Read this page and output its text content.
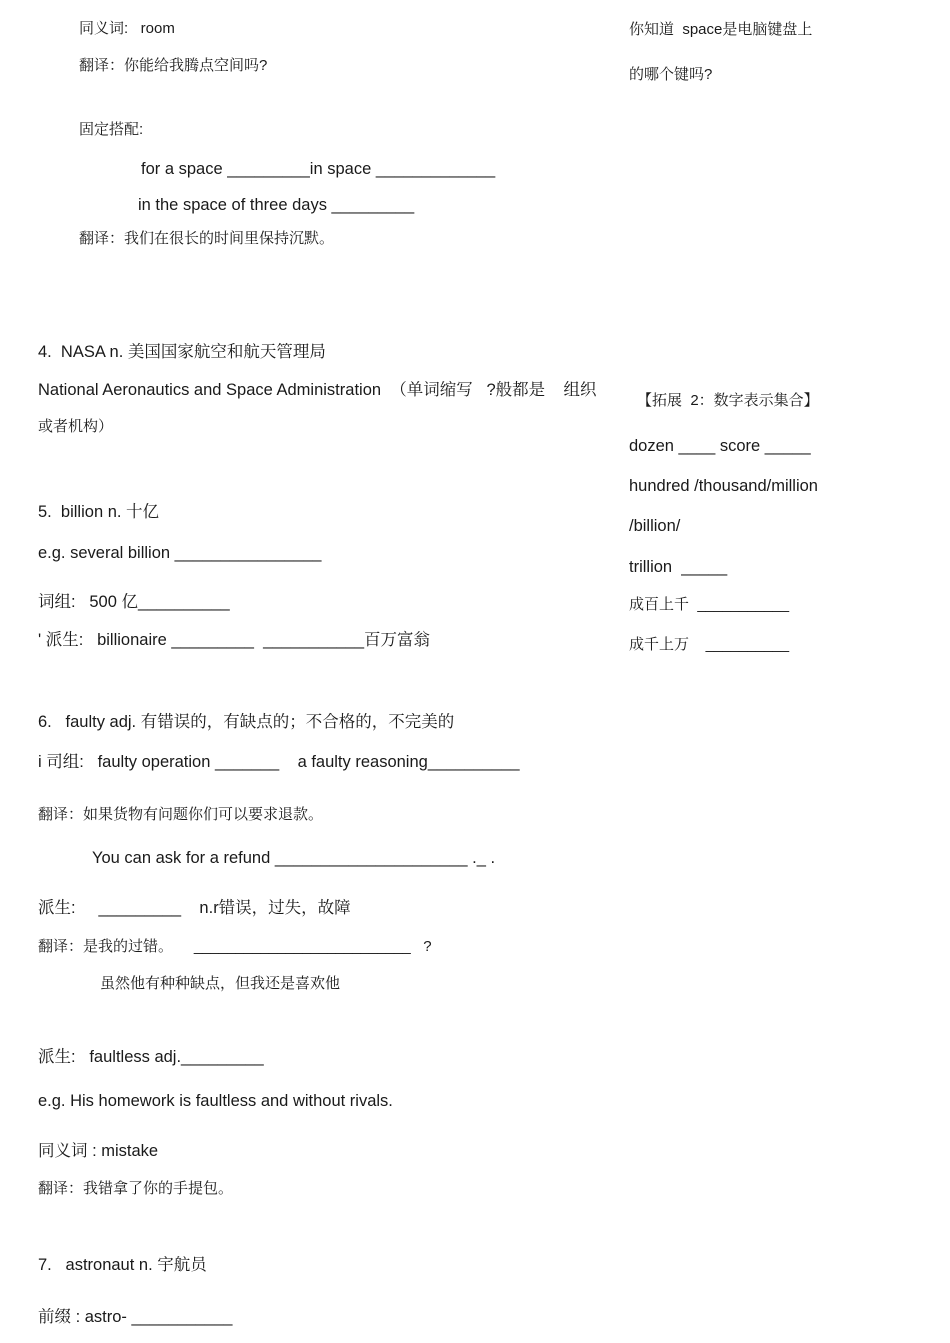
同义词:   room
翻译：你能给我腾点空间吗?
固定搭配:
for a space _________in space _____________
in the space of three days _________
翻译：我们在很长的时间里保持沉默。
你知道  space是电脑键盘上
的哪个键吗?
4.  NASA n. 美国国家航空和航天管理局
National Aeronautics and Space Administration  （单词缩写   ?般都是    组织
或者机构）
【拓展  2：数字表示集合】
dozen ____ score _____
hundred /thousand/million
/billion/
trillion  _____
成百上千  ___________
成千上万    __________
5.  billion n. 十亿
e.g. several billion ________________
词组:   500 亿__________
' 派生:   billionaire _________  ___________百万富翁
6.   faulty adj. 有错误的，有缺点的；不合格的，不完美的
i 司组:   faulty operation _______    a faulty reasoning__________
翻译：如果货物有问题你们可以要求退款。
You can ask for a refund _____________________ ._ .
派生:     _________    n.r错误，过失，故障
翻译：是我的过错。     __________________________   ?
虽然他有种种缺点，但我还是喜欢他
派生:   faultless adj._________
e.g. His homework is faultless and without rivals.
同义词 : mistake
翻译：我错拿了你的手提包。
7.   astronaut n. 宇航员
前缀 : astro- ___________
